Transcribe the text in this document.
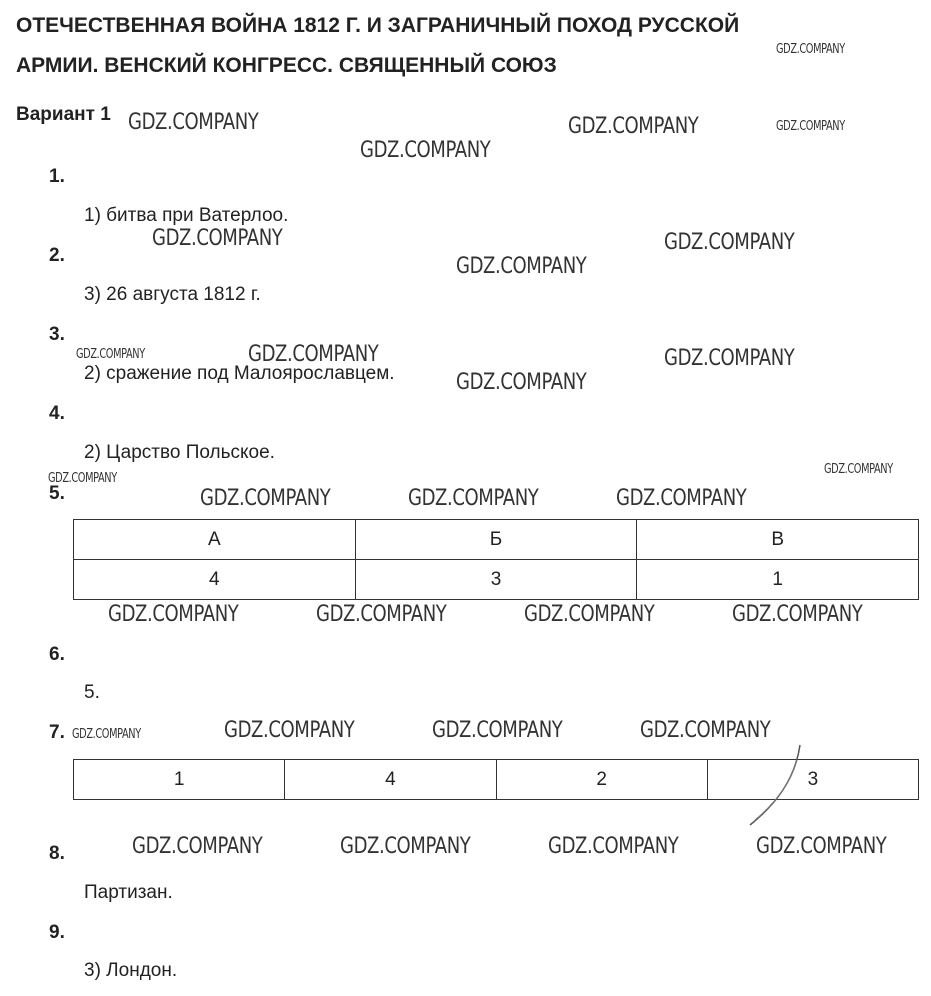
ОТЕЧЕСТВЕННАЯ ВОЙНА 1812 Г. И ЗАГРАНИЧНЫЙ ПОХОД РУССКОЙ
АРМИИ. ВЕНСКИЙ КОНГРЕСС. СВЯЩЕННЫЙ СОЮЗ
Вариант 1
1.
1) битва при Ватерлоо.
2.
3) 26 августа 1812 г.
3.
2) сражение под Малоярославцем.
4.
2) Царство Польское.
5.
А	Б	В
4	3	1
6.
5.
7.
1	4	2	3
8.
Партизан.
9.
3) Лондон.
GDZ.COMPANY
GDZ.COMPANY	GDZ.COMPANY	GDZ.COMPANY
GDZ.COMPANY
GDZ.COMPANY	GDZ.COMPANY
GDZ.COMPANY
GDZ.COMPANY	GDZ.COMPANY	GDZ.COMPANY
GDZ.COMPANY
GDZ.COMPANY
GDZ.COMPANY
GDZ.COMPANY	GDZ.COMPANY	GDZ.COMPANY
GDZ.COMPANY	GDZ.COMPANY	GDZ.COMPANY	GDZ.COMPANY
GDZ.COMPANY	GDZ.COMPANY	GDZ.COMPANY	GDZ.COMPANY
GDZ.COMPANY	GDZ.COMPANY	GDZ.COMPANY	GDZ.COMPANY
